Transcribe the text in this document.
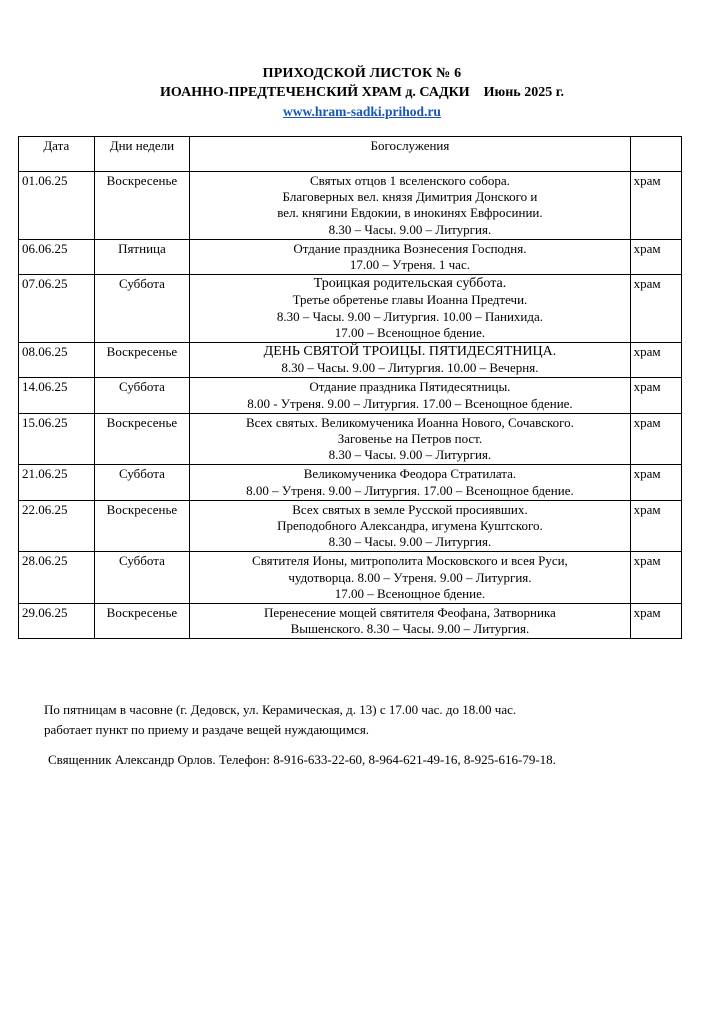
ПРИХОДСКОЙ ЛИСТОК № 6
ИОАННО-ПРЕДТЕЧЕНСКИЙ ХРАМ д. САДКИ Июнь 2025 г.
www.hram-sadki.prihod.ru
Дата	Дни недели	Богослужения	
01.06.25	Воскресенье	Святых отцов 1 вселенского собора.
Благоверных вел. князя Димитрия Донского и
вел. княгини Евдокии, в инокинях Евфросинии.
8.30 – Часы. 9.00 – Литургия.	храм
06.06.25	Пятница	Отдание праздника Вознесения Господня.
17.00 – Утреня. 1 час.	храм
07.06.25	Суббота	Троицкая родительская суббота.
Третье обретенье главы Иоанна Предтечи.
8.30 – Часы. 9.00 – Литургия. 10.00 – Панихида.
17.00 – Всенощное бдение.	храм
08.06.25	Воскресенье	ДЕНЬ СВЯТОЙ ТРОИЦЫ. ПЯТИДЕСЯТНИЦА.
8.30 – Часы. 9.00 – Литургия. 10.00 – Вечерня.	храм
14.06.25	Суббота	Отдание праздника Пятидесятницы.
8.00 - Утреня. 9.00 – Литургия. 17.00 – Всенощное бдение.	храм
15.06.25	Воскресенье	Всех святых. Великомученика Иоанна Нового, Сочавского.
Заговенье на Петров пост.
8.30 – Часы. 9.00 – Литургия.	храм
21.06.25	Суббота	Великомученика Феодора Стратилата.
8.00 – Утреня. 9.00 – Литургия. 17.00 – Всенощное бдение.	храм
22.06.25	Воскресенье	Всех святых в земле Русской просиявших.
Преподобного Александра, игумена Куштского.
8.30 – Часы. 9.00 – Литургия.	храм
28.06.25	Суббота	Святителя Ионы, митрополита Московского и всея Руси,
чудотворца. 8.00 – Утреня. 9.00 – Литургия.
17.00 – Всенощное бдение.	храм
29.06.25	Воскресенье	Перенесение мощей святителя Феофана, Затворника
Вышенского. 8.30 – Часы. 9.00 – Литургия.	храм

По пятницам в часовне (г. Дедовск, ул. Керамическая, д. 13) с 17.00 час. до 18.00 час.

работает пункт по приему и раздаче вещей нуждающимся.

Священник Александр Орлов. Телефон: 8-916-633-22-60, 8-964-621-49-16, 8-925-616-79-18.
